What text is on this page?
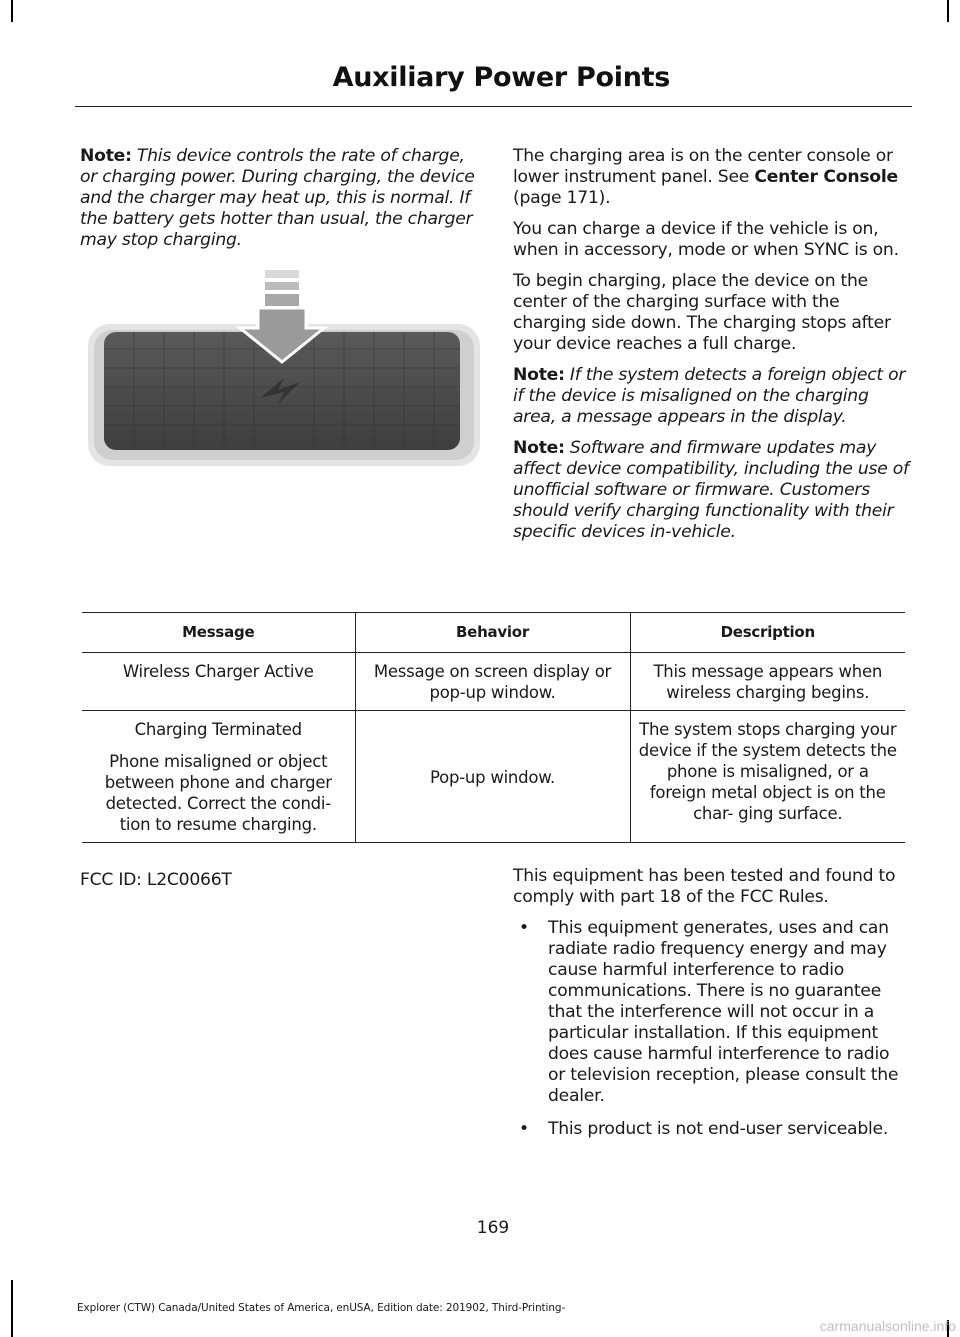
Auxiliary Power Points

Note: This device controls the rate of charge, or charging power. During charging, the device and the charger may heat up, this is normal. If the battery gets hotter than usual, the charger may stop charging.

The charging area is on the center console or lower instrument panel. See Center Console (page 171).

You can charge a device if the vehicle is on, when in accessory, mode or when SYNC is on.

To begin charging, place the device on the center of the charging surface with the charging side down. The charging stops after your device reaches a full charge.

Note: If the system detects a foreign object or if the device is misaligned on the charging area, a message appears in the display.

Note: Software and firmware updates may affect device compatibility, including the use of unofficial software or firmware. Customers should verify charging functionality with their specific devices in-vehicle.

Message	Behavior	Description
Wireless Charger Active	Message on screen display or pop-up window.	This message appears when wireless charging begins.

Charging Terminated

Phone misaligned or object between phone and charger detected. Correct the condi- tion to resume charging.	Pop-up window.	The system stops charging your device if the system detects the phone is misaligned, or a foreign metal object is on the char- ging surface.
FCC ID: L2C0066T	This equipment has been tested and found to comply with part 18 of the FCC Rules.

• This equipment generates, uses and can radiate radio frequency energy and may cause harmful interference to radio communications. There is no guarantee that the interference will not occur in a particular installation. If this equipment does cause harmful interference to radio or television reception, please consult the dealer.
• This product is not end-user serviceable.
169
Explorer (CTW) Canada/United States of America, enUSA, Edition date: 201902, Third-Printing-
carmanualsonline.info
